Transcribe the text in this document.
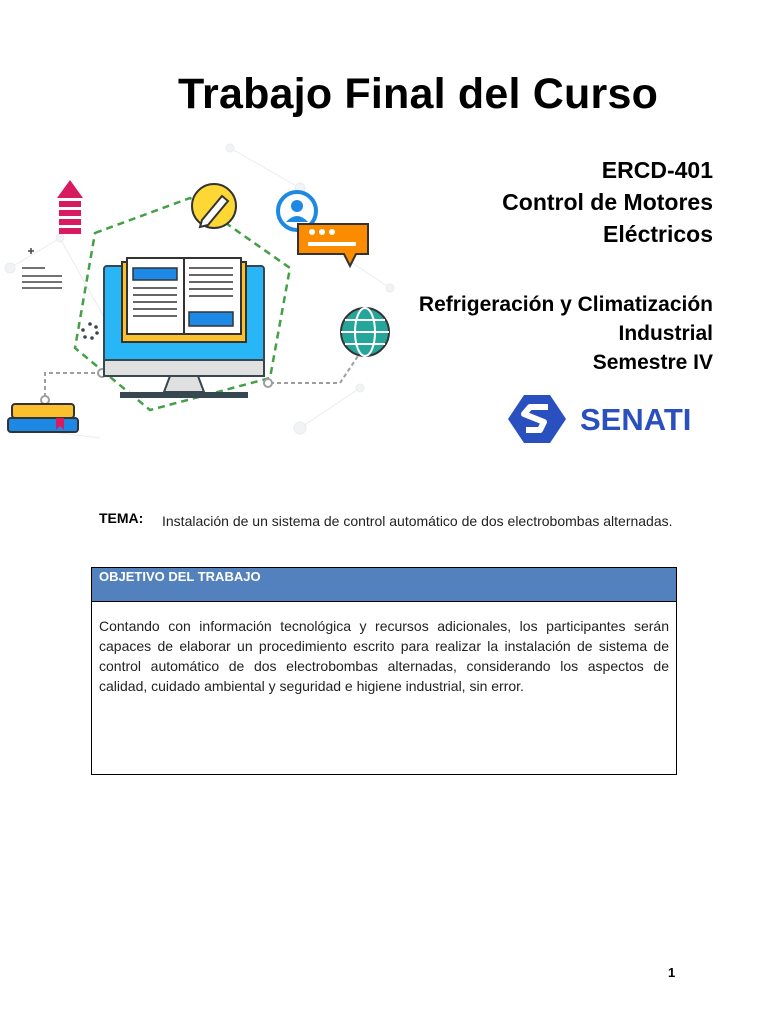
Trabajo Final del Curso
ERCD-401
Control de Motores
Eléctricos
Refrigeración y Climatización
Industrial
Semestre IV
SENATI
TEMA: Instalación de un sistema de control automático de dos electrobombas alternadas.
OBJETIVO DEL TRABAJO
Contando con información tecnológica y recursos adicionales, los participantes serán capaces de elaborar un procedimiento escrito para realizar la instalación de sistema de control automático de dos electrobombas alternadas, considerando los aspectos de calidad, cuidado ambiental y seguridad e higiene industrial, sin error.
1
